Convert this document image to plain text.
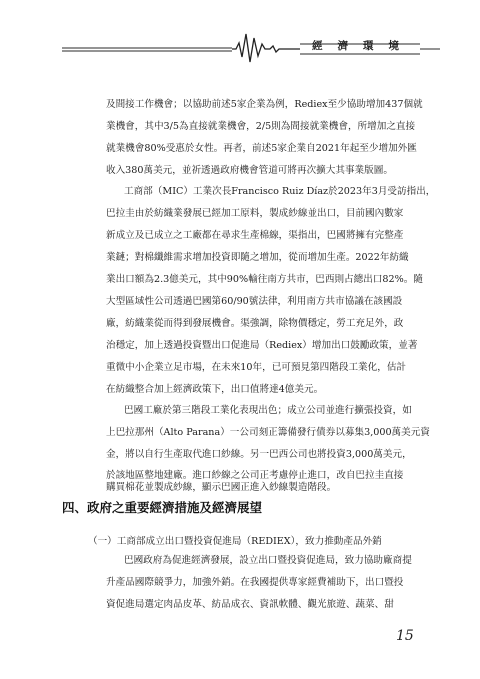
經濟環境
及間接工作機會；以協助前述5家企業為例，Rediex至少協助增加437個就
業機會，其中3/5為直接就業機會，2/5則為間接就業機會，所增加之直接
就業機會80%受惠於女性。再者，前述5家企業自2021年起至少增加外匯
收入380萬美元，並祈透過政府機會管道可將再次擴大其事業版圖。
工商部（MIC）工業次長Francisco Ruiz Díaz於2023年3月受訪指出，
巴拉圭由於紡織業發展已經加工原料，製成紗線並出口，目前國內數家
新成立及已成立之工廠都在尋求生產棉線，渠指出，巴國將擁有完整產
業鏈；對棉纖維需求增加投資即隨之增加，從而增加生產。2022年紡織
業出口額為2.3億美元，其中90%輸往南方共市，巴西則占總出口82%。隨
大型區域性公司透過巴國第60/90號法律，利用南方共市協議在該國設
廠，紡織業從而得到發展機會。渠強調，除物價穩定，勞工充足外，政
治穩定，加上透過投資暨出口促進局（Rediex）增加出口鼓勵政策，並著
重微中小企業立足市場，在未來10年，已可預見第四階段工業化，估計
在紡織整合加上經濟政策下，出口值將達4億美元。
巴國工廠於第三階段工業化表現出色；成立公司並進行擴張投資，如
上巴拉那州（Alto Parana）一公司刻正籌備發行債券以募集3,000萬美元資
金，將以自行生產取代進口紗線。另一巴西公司也將投資3,000萬美元，
於該地區整地建廠。進口紗線之公司正考慮停止進口，改自巴拉圭直接
購買棉花並製成紗線，顯示巴國正進入紗線製造階段。
四、政府之重要經濟措施及經濟展望
（一）工商部成立出口暨投資促進局（REDIEX），致力推動產品外銷
巴國政府為促進經濟發展，設立出口暨投資促進局，致力協助廠商提
升產品國際競爭力，加強外銷。在我國提供專家經費補助下，出口暨投
資促進局選定肉品皮革、紡品成衣、資訊軟體、觀光旅遊、蔬菜、甜
15
